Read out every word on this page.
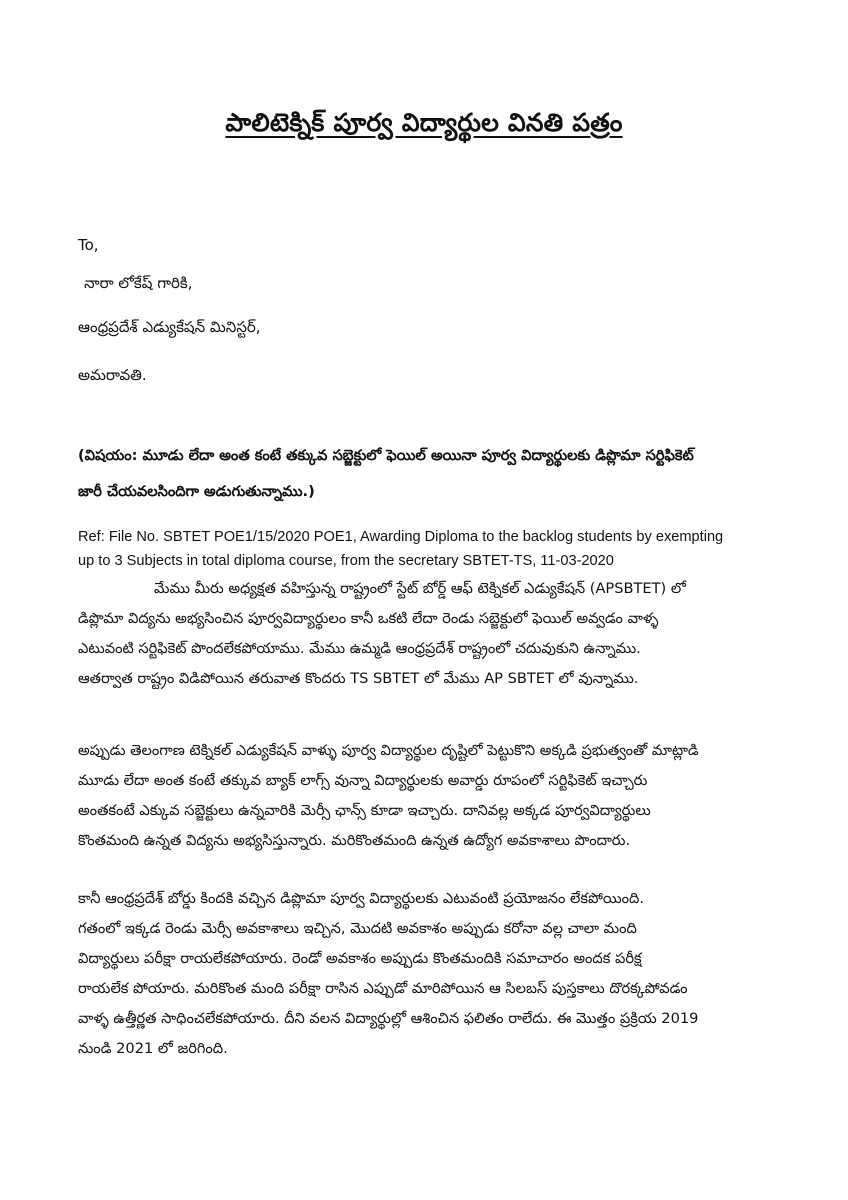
పాలిటెక్నిక్ పూర్వ విద్యార్థుల వినతి పత్రం
To,
నారా లోకేష్ గారికి,
ఆంధ్రప్రదేశ్ ఎడ్యుకేషన్ మినిస్టర్,
అమరావతి.
(విషయం: మూడు లేదా అంత కంటే తక్కువ సబ్జెక్టులో ఫెయిల్ అయినా పూర్వ విద్యార్థులకు డిప్లొమా సర్టిఫికెట్
జారీ చేయవలసిందిగా అడుగుతున్నాము.)
Ref: File No. SBTET POE1/15/2020 POE1, Awarding Diploma to the backlog students by exempting
up to 3 Subjects in total diploma course, from the secretary SBTET-TS, 11-03-2020
మేము మీరు అధ్యక్షత వహిస్తున్న రాష్ట్రంలో స్టేట్ బోర్డ్ ఆఫ్ టెక్నికల్ ఎడ్యుకేషన్ (APSBTET) లో
డిప్లొమా విద్యను అభ్యసించిన పూర్వవిద్యార్థులం కానీ ఒకటి లేదా రెండు సబ్జెక్టులో ఫెయిల్ అవ్వడం వాళ్ళ
ఎటువంటి సర్టిఫికెట్ పొందలేకపోయాము. మేము ఉమ్మడి ఆంధ్రప్రదేశ్ రాష్ట్రంలో చదువుకుని ఉన్నాము.
ఆతర్వాత రాష్ట్రం విడిపోయిన తరువాత కొందరు TS SBTET లో మేము AP SBTET లో వున్నాము.
అప్పుడు తెలంగాణ టెక్నికల్ ఎడ్యుకేషన్ వాళ్ళు పూర్వ విద్యార్థుల దృష్టిలో పెట్టుకొని అక్కడి ప్రభుత్వంతో మాట్లాడి
మూడు లేదా అంత కంటే తక్కువ బ్యాక్ లాగ్స్ వున్నా విద్యార్థులకు అవార్డు రూపంలో సర్టిఫికెట్ ఇచ్చారు
అంతకంటే ఎక్కువ సబ్జెక్టులు ఉన్నవారికి మెర్సీ ఛాన్స్ కూడా ఇచ్చారు. దానివల్ల అక్కడ పూర్వవిద్యార్థులు
కొంతమంది ఉన్నత విద్యను అభ్యసిస్తున్నారు. మరికొంతమంది ఉన్నత ఉద్యోగ అవకాశాలు పొందారు.
కానీ ఆంధ్రప్రదేశ్ బోర్డు కిందకి వచ్చిన డిప్లొమా పూర్వ విద్యార్థులకు ఎటువంటి ప్రయోజనం లేకపోయింది.
గతంలో ఇక్కడ రెండు మెర్సీ అవకాశాలు ఇచ్చిన, మొదటి అవకాశం అప్పుడు కరోనా వల్ల చాలా మంది
విద్యార్థులు పరీక్షా రాయలేకపోయారు. రెండో అవకాశం అప్పుడు కొంతమందికి సమాచారం అందక పరీక్ష
రాయలేక పోయారు. మరికొంత మంది పరీక్షా రాసిన ఎప్పుడో మారిపోయిన ఆ సిలబస్ పుస్తకాలు దొరక్కపోవడం
వాళ్ళ ఉత్తీర్ణత సాధించలేకపోయారు. దీని వలన విద్యార్థుల్లో ఆశించిన ఫలితం రాలేదు. ఈ మొత్తం ప్రక్రియ 2019
నుండి 2021 లో జరిగింది.
